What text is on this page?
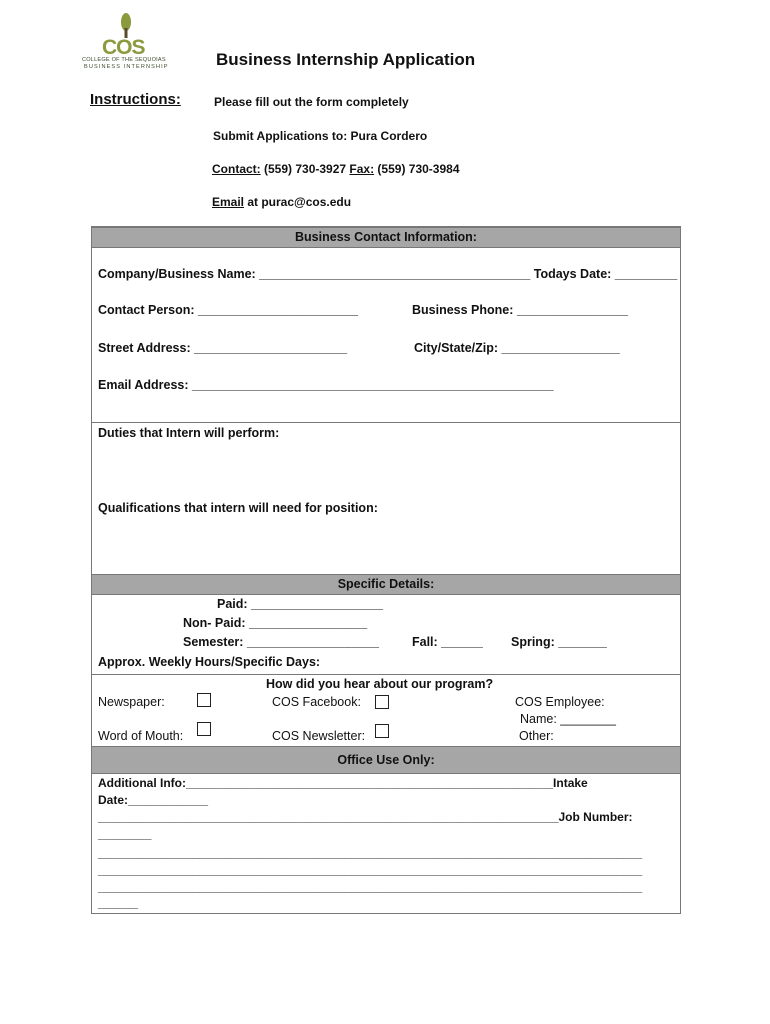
COS
COLLEGE OF THE SEQUOIAS
BUSINESS INTERNSHIP	Business Internship Application
Instructions:	Please fill out the form completely
Submit Applications to: Pura Cordero
Contact: (559) 730-3927 Fax: (559) 730-3984
Email at purac@cos.edu
Business Contact Information:
Company/Business Name: _______________________________________ Todays Date: _________
Contact Person: _______________________	Business Phone: ________________
Street Address: ______________________	City/State/Zip: _________________
Email Address: ____________________________________________________
Duties that Intern will perform:
Qualifications that intern will need for position:
Specific Details:
Paid: ___________________
Non- Paid: _________________
Semester: ___________________	Fall: ______ Spring: _______
Approx. Weekly Hours/Specific Days:
How did you hear about our program?
Newspaper:	COS Facebook:	COS Employee:
Name: ________
Word of Mouth:	COS Newsletter:	Other:
Office Use Only:
Additional Info:_______________________________________________________Intake
Date:____________
_____________________________________________________________________Job Number:
________
______________________________________________________________________________________
______________________________________________________________________________________
______________________________________________________________________________________
______
